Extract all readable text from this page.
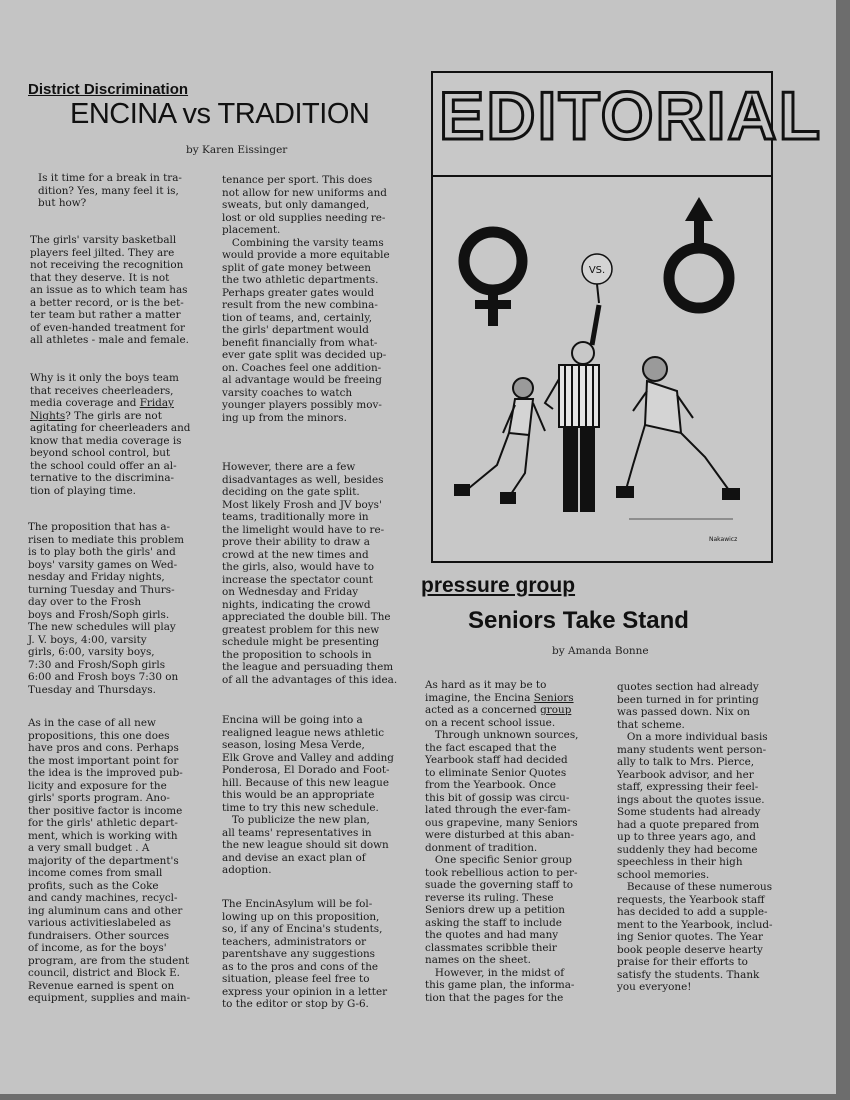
District Discrimination
ENCINA vs TRADITION
by Karen Eissinger
Is it time for a break in tra-
dition? Yes, many feel it is,
but how?
The girls' varsity basketball
players feel jilted. They are
not receiving the recognition
that they deserve. It is not
an issue as to which team has
a better record, or is the bet-
ter team but rather a matter
of even-handed treatment for
all athletes - male and female.
Why is it only the boys team
that receives cheerleaders,
media coverage and Friday
Nights? The girls are not
agitating for cheerleaders and
know that media coverage is
beyond school control, but
the school could offer an al-
ternative to the discrimina-
tion of playing time.
The proposition that has a-
risen to mediate this problem
is to play both the girls' and
boys' varsity games on Wed-
nesday and Friday nights,
turning Tuesday and Thurs-
day over to the Frosh
boys and Frosh/Soph girls.
The new schedules will play
J. V. boys, 4:00, varsity
girls, 6:00, varsity boys,
7:30 and Frosh/Soph girls
6:00 and Frosh boys 7:30 on
Tuesday and Thursdays.
As in the case of all new
propositions, this one does
have pros and cons. Perhaps
the most important point for
the idea is the improved pub-
licity and exposure for the
girls' sports program. Ano-
ther positive factor is income
for the girls' athletic depart-
ment, which is working with
a very small budget . A
majority of the department's
income comes from small
profits, such as the Coke
and candy machines, recycl-
ing aluminum cans and other
various activitieslabeled as
fundraisers. Other sources
of income, as for the boys'
program, are from the student
council, district and Block E.
Revenue earned is spent on
equipment, supplies and main-
tenance per sport. This does
not allow for new uniforms and
sweats, but only damanged,
lost or old supplies needing re-
placement.
Combining the varsity teams
would provide a more equitable
split of gate money between
the two athletic departments.
Perhaps greater gates would
result from the new combina-
tion of teams, and, certainly,
the girls' department would
benefit financially from what-
ever gate split was decided up-
on. Coaches feel one addition-
al advantage would be freeing
varsity coaches to watch
younger players possibly mov-
ing up from the minors.
However, there are a few
disadvantages as well, besides
deciding on the gate split.
Most likely Frosh and JV boys'
teams, traditionally more in
the limelight would have to re-
prove their ability to draw a
crowd at the new times and
the girls, also, would have to
increase the spectator count
on Wednesday and Friday
nights, indicating the crowd
appreciated the double bill. The
greatest problem for this new
schedule might be presenting
the proposition to schools in
the league and persuading them
of all the advantages of this idea.
Encina will be going into a
realigned league news athletic
season, losing Mesa Verde,
Elk Grove and Valley and adding
Ponderosa, El Dorado and Foot-
hill. Because of this new league
this would be an appropriate
time to try this new schedule.
To publicize the new plan,
all teams' representatives in
the new league should sit down
and devise an exact plan of
adoption.
The EncinAsylum will be fol-
lowing up on this proposition,
so, if any of Encina's students,
teachers, administrators or
parentshave any suggestions
as to the pros and cons of the
situation, please feel free to
express your opinion in a letter
to the editor or stop by G-6.
EDITORIAL
VS.
Nakawicz
pressure group
Seniors Take Stand
by Amanda Bonne
As hard as it may be to
imagine, the Encina Seniors
acted as a concerned group
on a recent school issue.
Through unknown sources,
the fact escaped that the
Yearbook staff had decided
to eliminate Senior Quotes
from the Yearbook. Once
this bit of gossip was circu-
lated through the ever-fam-
ous grapevine, many Seniors
were disturbed at this aban-
donment of tradition.
One specific Senior group
took rebellious action to per-
suade the governing staff to
reverse its ruling. These
Seniors drew up a petition
asking the staff to include
the quotes and had many
classmates scribble their
names on the sheet.
However, in the midst of
this game plan, the informa-
tion that the pages for the
quotes section had already
been turned in for printing
was passed down. Nix on
that scheme.
On a more individual basis
many students went person-
ally to talk to Mrs. Pierce,
Yearbook advisor, and her
staff, expressing their feel-
ings about the quotes issue.
Some students had already
had a quote prepared from
up to three years ago, and
suddenly they had become
speechless in their high
school memories.
Because of these numerous
requests, the Yearbook staff
has decided to add a supple-
ment to the Yearbook, includ-
ing Senior quotes. The Year
book people deserve hearty
praise for their efforts to
satisfy the students. Thank
you everyone!
